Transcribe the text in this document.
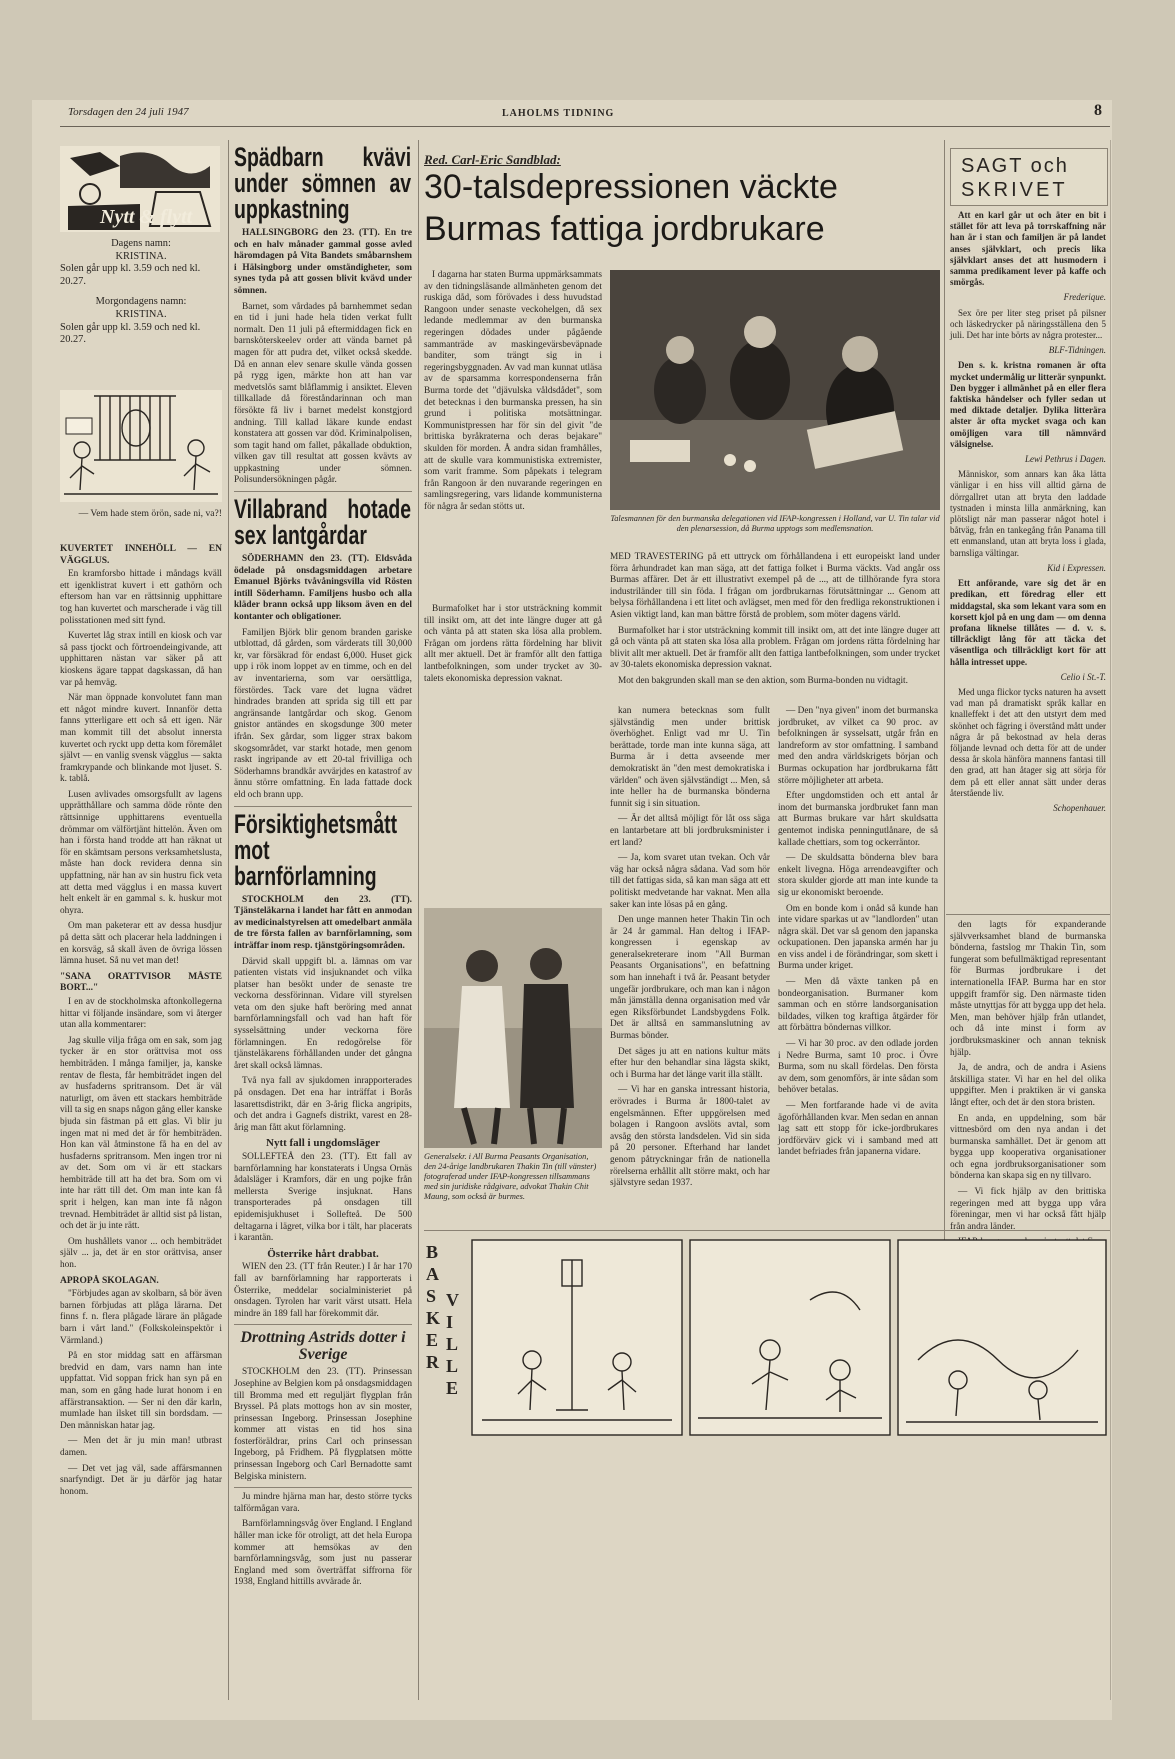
Torsdagen den 24 juli 1947	LAHOLMS TIDNING	8
Nytt & flytt
Dagens namn:
KRISTINA.
Solen går upp kl. 3.59 och ned kl. 20.27.
Morgondagens namn:
KRISTINA.
Solen går upp kl. 3.59 och ned kl. 20.27.
— Vem hade stem örön, sade ni, va?!
KUVERTET INNEHÖLL — EN VÄGGLUS.

En kramforsbo hittade i måndags kväll ett igenklistrat kuvert i ett gathörn och eftersom han var en rättsinnig upphittare tog han kuvertet och marscherade i väg till polisstationen med sitt fynd.

Kuvertet låg strax intill en kiosk och var så pass tjockt och förtroendeingivande, att upphittaren nästan var säker på att kioskens ägare tappat dagskassan, då han var på hemväg.

När man öppnade konvolutet fann man ett något mindre kuvert. Innanför detta fanns ytterligare ett och så ett igen. När man kommit till det absolut innersta kuvertet och ryckt upp detta kom föremålet självt — en vanlig svensk vägglus — sakta framkrypande och blinkande mot ljuset. S. k. tablå.

Lusen avlivades omsorgsfullt av lagens upprätthållare och samma döde rönte den rättsinnige upphittarens eventuella drömmar om välförtjänt hittelön. Även om han i första hand trodde att han räknat ut för en skämtsam persons verksamhetslusta, måste han dock revidera denna sin uppfattning, när han av sin hustru fick veta att detta med vägglus i en massa kuvert helt enkelt är en gammal s. k. huskur mot ohyra.

Om man paketerar ett av dessa husdjur på detta sätt och placerar hela laddningen i en korsväg, så skall även de övriga lössen lämna huset. Så nu vet man det!

"SANA ORATTVISOR MÅSTE BORT..."

I en av de stockholmska aftonkollegerna hittar vi följande insändare, som vi återger utan alla kommentarer:

Jag skulle vilja fråga om en sak, som jag tycker är en stor orättvisa mot oss hembiträden. I många familjer, ja, kanske rentav de flesta, får hembiträdet ingen del av husfaderns spritransom. Det är väl naturligt, om även ett stackars hembiträde vill ta sig en snaps någon gång eller kanske bjuda sin fästman på ett glas. Vi blir ju ingen mat ni med det är för hembiträden. Hon kan väl åtminstone få ha en del av husfaderns spritransom. Men ingen tror ni av det. Som om vi är ett stackars hembiträde till att ha det bra. Som om vi inte har rätt till det. Om man inte kan få sprit i helgen, kan man inte få någon trevnad. Hembiträdet är alltid sist på listan, och det är ju inte rätt.

Om hushållets vanor ... och hembiträdet själv ... ja, det är en stor orättvisa, anser hon.

APROPÅ SKOLAGAN.

"Förbjudes agan av skolbarn, så bör även barnen förbjudas att plåga lärarna. Det finns f. n. flera plågade lärare än plågade barn i vårt land." (Folkskoleinspektör i Värmland.)

På en stor middag satt en affärsman bredvid en dam, vars namn han inte uppfattat. Vid soppan frick han syn på en man, som en gång hade lurat honom i en affärstransaktion. — Ser ni den där karln, mumlade han ilsket till sin bordsdam. — Den människan hatar jag.

— Men det är ju min man! utbrast damen.

— Det vet jag väl, sade affärsmannen snarfyndigt. Det är ju därför jag hatar honom.

Spädbarn kvävi under sömnen av uppkastning

HALLSINGBORG den 23. (TT). En tre och en halv månader gammal gosse avled häromdagen på Vita Bandets småbarnshem i Hälsingborg under omständigheter, som synes tyda på att gossen blivit kvävd under sömnen.

Barnet, som vårdades på barnhemmet sedan en tid i juni hade hela tiden verkat fullt normalt. Den 11 juli på eftermiddagen fick en barnsköterskeelev order att vända barnet på magen för att pudra det, vilket också skedde. Då en annan elev senare skulle vända gossen på rygg igen, märkte hon att han var medvetslös samt blåflammig i ansiktet. Eleven tillkallade då föreståndarinnan och man försökte få liv i barnet medelst konstgjord andning. Till kallad läkare kunde endast konstatera att gossen var död. Kriminalpolisen, som tagit hand om fallet, påkallade obduktion, vilken gav till resultat att gossen kvävts av uppkastning under sömnen. Polisundersökningen pågår.

Villabrand hotade sex lantgårdar

SÖDERHAMN den 23. (TT). Eldsvåda ödelade på onsdagsmiddagen arbetare Emanuel Björks tvåvåningsvilla vid Rösten intill Söderhamn. Familjens husbo och alla kläder brann också upp liksom även en del kontanter och obligationer.

Familjen Björk blir genom branden gariske utblottad, då gården, som värderats till 30,000 kr, var försäkrad för endast 6,000. Huset gick upp i rök inom loppet av en timme, och en del av inventarierna, som var oersättliga, förstördes. Tack vare det lugna vädret hindrades branden att sprida sig till ett par angränsande lantgårdar och skog. Genom gnistor antändes en skogsdunge 300 meter ifrån. Sex gårdar, som ligger strax bakom skogsområdet, var starkt hotade, men genom raskt ingripande av ett 20-tal frivilliga och Söderhamns brandkår avvärjdes en katastrof av ännu större omfattning. En lada fattade dock eld och brann upp.

Försiktighetsmått mot barnförlamning

STOCKHOLM den 23. (TT). Tjänsteläkarna i landet har fått en anmodan av medicinalstyrelsen att omedelbart anmäla de tre första fallen av barnförlamning, som inträffar inom resp. tjänstgöringsområden.

Därvid skall uppgift bl. a. lämnas om var patienten vistats vid insjuknandet och vilka platser han besökt under de senaste tre veckorna dessförinnan. Vidare vill styrelsen veta om den sjuke haft beröring med annat barnförlamningsfall och vad han haft för sysselsättning under veckorna före förlamningen. En redogörelse för tjänsteläkarens förhållanden under det gångna året skall också lämnas.

Två nya fall av sjukdomen inrapporterades på onsdagen. Det ena har inträffat i Borås lasarettsdistrikt, där en 3-årig flicka angripits, och det andra i Gagnefs distrikt, varest en 28-årig man fått akut förlamning.

Nytt fall i ungdomsläger

SOLLEFTEÅ den 23. (TT). Ett fall av barnförlamning har konstaterats i Ungsa Ornäs ådalsläger i Kramfors, där en ung pojke från mellersta Sverige insjuknat. Hans transporterades på onsdagen till epidemisjukhuset i Sollefteå. De 500 deltagarna i lägret, vilka bor i tält, har placerats i karantän.

Österrike hårt drabbat.

WIEN den 23. (TT från Reuter.) I år har 170 fall av barnförlamning har rapporterats i Österrike, meddelar socialministeriet på onsdagen. Tyrolen har varit värst utsatt. Hela mindre än 189 fall har förekommit där.

Drottning Astrids dotter i Sverige

STOCKHOLM den 23. (TT). Prinsessan Josephine av Belgien kom på onsdagsmiddagen till Bromma med ett reguljärt flygplan från Bryssel. På plats mottogs hon av sin moster, prinsessan Ingeborg. Prinsessan Josephine kommer att vistas en tid hos sina fosterföräldrar, prins Carl och prinsessan Ingeborg, på Fridhem. På flygplatsen mötte prinsessan Ingeborg och Carl Bernadotte samt Belgiska ministern.

Ju mindre hjärna man har, desto större tycks talförmågan vara.

Barnförlamningsvåg över England. I England håller man icke för otroligt, att det hela Europa kommer att hemsökas av den barnförlamningsvåg, som just nu passerar England med som överträffat siffrorna för 1938, England hittills avvärade år.

Red. Carl-Eric Sandblad:
30-talsdepressionen väckte
Burmas fattiga jordbrukare

I dagarna har staten Burma uppmärksammats av den tidningsläsande allmänheten genom det ruskiga dåd, som förövades i dess huvudstad Rangoon under senaste veckohelgen, då sex ledande medlemmar av den burmanska regeringen dödades under pågående sammanträde av maskingevärsbeväpnade banditer, som trängt sig in i regeringsbyggnaden. Av vad man kunnat utläsa av de sparsamma korrespondenserna från Burma torde det "djävulska våldsdådet", som det betecknas i den burmanska pressen, ha sin grund i politiska motsättningar. Kommunistpressen har för sin del givit "de brittiska byråkraterna och deras bejakare" skulden för morden. Å andra sidan framhålles, att de skulle vara kommunistiska extremister, som varit framme. Som påpekats i telegram från Rangoon är den nuvarande regeringen en samlingsregering, vars lidande kommunisterna för några år sedan stötts ut.

Talesmannen för den burmanska delegationen vid IFAP-kongressen i Holland, var U. Tin talar vid den plenarsession, då Burma upptogs som medlemsnation.

MED TRAVESTERING på ett uttryck om förhållandena i ett europeiskt land under förra århundradet kan man säga, att det fattiga folket i Burma väckts. Vad angår oss Burmas affärer. Det är ett illustrativt exempel på de ..., att de tillhörande fyra stora industriländer till sin föda. I frågan om jordbrukarnas förutsättningar ... Genom att belysa förhållandena i ett litet och avlägset, men med för den fredliga rekonstruktionen i Asien viktigt land, kan man bättre förstå de problem, som möter dagens värld.

Burmafolket har i stor utsträckning kommit till insikt om, att det inte längre duger att gå och vänta på att staten ska lösa alla problem. Frågan om jordens rätta fördelning har blivit allt mer aktuell. Det är framför allt den fattiga lantbefolkningen, som under trycket av 30-talets ekonomiska depression vaknat.

Mot den bakgrunden skall man se den aktion, som Burma-bonden nu vidtagit.

Burmafolket har i stor utsträckning kommit till insikt om, att det inte längre duger att gå och vänta på att staten ska lösa alla problem. Frågan om jordens rätta fördelning har blivit allt mer aktuell. Det är framför allt den fattiga lantbefolkningen, som under trycket av 30-talets ekonomiska depression vaknat.

Generalsekr. i All Burma Peasants Organisation, den 24-årige landbrukaren Thakin Tin (till vänster) fotograferad under IFAP-kongressen tillsammans med sin juridiske rådgivare, advokat Thakin Chit Maung, som också är burmes.

kan numera betecknas som fullt självständig men under brittisk överhöghet. Enligt vad mr U. Tin berättade, torde man inte kunna säga, att Burma är i detta avseende mer demokratiskt än "den mest demokratiska i världen" och även självständigt ... Men, så inte heller ha de burmanska bönderna funnit sig i sin situation.

— Är det alltså möjligt för låt oss säga en lantarbetare att bli jordbruksminister i ert land?

— Ja, kom svaret utan tvekan. Och vår väg har också några sådana. Vad som hör till det fattigas sida, så kan man säga att ett politiskt medvetande har vaknat. Men alla saker kan inte lösas på en gång.

Den unge mannen heter Thakin Tin och är 24 år gammal. Han deltog i IFAP-kongressen i egenskap av generalsekreterare inom "All Burman Peasants Organisations", en befattning som han innehaft i två år. Peasant betyder ungefär jordbrukare, och man kan i någon mån jämställa denna organisation med vår egen Riksförbundet Landsbygdens Folk. Det är alltså en sammanslutning av Burmas bönder.

Det säges ju att en nations kultur mäts efter hur den behandlar sina lägsta skikt, och i Burma har det länge varit illa ställt.

— Vi har en ganska intressant historia, erövrades i Burma år 1800-talet av engelsmännen. Efter uppgörelsen med bolagen i Rangoon avslöts avtal, som avsåg den största landsdelen. Vid sin sida på 20 personer. Efterhand har landet genom påtryckningar från de nationella rörelserna erhållit allt större makt, och har självstyre sedan 1937.

— Den "nya given" inom det burmanska jordbruket, av vilket ca 90 proc. av befolkningen är sysselsatt, utgår från en landreform av stor omfattning. I samband med den andra världskrigets början och Burmas ockupation har jordbrukarna fått större möjligheter att arbeta.

Efter ungdomstiden och ett antal år inom det burmanska jordbruket fann man att Burmas brukare var hårt skuldsatta gentemot indiska penningutlånare, de så kallade chettiars, som tog ockerräntor.

— De skuldsatta bönderna blev bara enkelt livegna. Höga arrendeavgifter och stora skulder gjorde att man inte kunde ta sig ur ekonomiskt beroende.

Om en bonde kom i onåd så kunde han inte vidare sparkas ut av "landlorden" utan några skäl. Det var så genom den japanska ockupationen. Den japanska armén har ju en viss andel i de förändringar, som skett i Burma under kriget.

— Men då växte tanken på en bondeorganisation. Burmaner kom samman och en större landsorganisation bildades, vilken tog kraftiga åtgärder för att förbättra böndernas villkor.

— Vi har 30 proc. av den odlade jorden i Nedre Burma, samt 10 proc. i Övre Burma, som nu skall fördelas. Den första av dem, som genomförs, är inte sådan som behöver betalas.

— Men fortfarande hade vi de avita ägoförhållanden kvar. Men sedan en annan lag satt ett stopp för icke-jordbrukares jordförvärv gick vi i samband med att landet befriades från japanerna vidare.

SAGT och
SKRIVET

Att en karl går ut och äter en bit i stället för att leva på torrskaffning när han är i stan och familjen är på landet anses självklart, och precis lika självklart anses det att husmodern i samma predikament lever på kaffe och smörgås.

Frederique.

Sex öre per liter steg priset på pilsner och läskedrycker på näringsställena den 5 juli. Det har inte börts av några protester...

BLF-Tidningen.

Den s. k. kristna romanen är ofta mycket undermålig ur litterär synpunkt. Den bygger i allmänhet på en eller flera faktiska händelser och fyller sedan ut med diktade detaljer. Dylika litterära alster är ofta mycket svaga och kan omöjligen vara till nämnvärd välsignelse.

Lewi Pethrus i Dagen.

Människor, som annars kan åka lätta vänligar i en hiss vill alltid gärna de dörrgallret utan att bryta den laddade tystnaden i minsta lilla anmärkning, kan plötsligt när man passerar något hotel i båtväg, från en tankegång från Panama till ett enmansland, utan att bryta loss i glada, barnsliga vältingar.

Kid i Expressen.

Ett anförande, vare sig det är en predikan, ett föredrag eller ett middagstal, ska som lekant vara som en korsett kjol på en ung dam — om denna profana liknelse tillåtes — d. v. s. tillräckligt lång för att täcka det väsentliga och tillräckligt kort för att hålla intresset uppe.

Celio i St.-T.

Med unga flickor tycks naturen ha avsett vad man på dramatiskt språk kallar en knalleffekt i det att den utstyrt dem med skönhet och fägring i överstånd mått under några år på bekostnad av hela deras följande levnad och detta för att de under dessa år skola hänföra mannens fantasi till den grad, att han åtager sig att sörja för dem på ett eller annat sätt under deras återstående liv.

Schopenhauer.

den lagts för expanderande självverksamhet bland de burmanska bönderna, fastslog mr Thakin Tin, som fungerat som befullmäktigad representant för Burmas jordbrukare i det internationella IFAP. Burma har en stor uppgift framför sig. Den närmaste tiden måste utnyttjas för att bygga upp det hela. Men, man behöver hjälp från utlandet, och då inte minst i form av jordbruksmaskiner och annan teknisk hjälp.

Ja, de andra, och de andra i Asiens åtskilliga stater. Vi har en hel del olika uppgifter. Men i praktiken är vi ganska långt efter, och det är den stora bristen.

En anda, en uppdelning, som bär vittnesbörd om den nya andan i det burmanska samhället. Det är genom att bygga upp kooperativa organisationer och egna jordbruksorganisationer som bönderna kan skapa sig en ny tillvaro.

— Vi fick hjälp av den brittiska regeringen med att bygga upp våra föreningar, men vi har också fått hjälp från andra länder.

B
A
S
K
E
R
V
I
L
L
E
